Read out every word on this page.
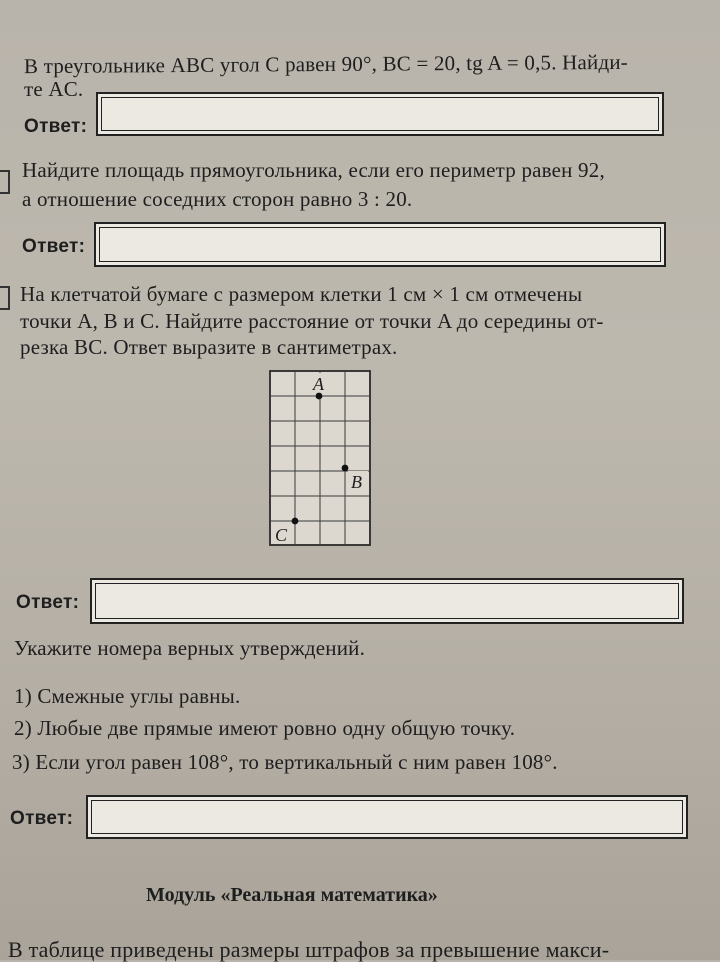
В треугольнике ABC угол C равен 90°, BC = 20, tg A = 0,5. Найди-

те AC.

Ответ:

Найдите площадь прямоугольника, если его периметр равен 92,

а отношение соседних сторон равно 3 : 20.

Ответ:

На клетчатой бумаге с размером клетки 1 см × 1 см отмечены

точки A, B и C. Найдите расстояние от точки A до середины от-

резка BC. Ответ выразите в сантиметрах.

A
B
C

Ответ:

Укажите номера верных утверждений.

1) Смежные углы равны.

2) Любые две прямые имеют ровно одну общую точку.

3) Если угол равен 108°, то вертикальный с ним равен 108°.

Ответ:

Модуль «Реальная математика»

В таблице приведены размеры штрафов за превышение макси-
